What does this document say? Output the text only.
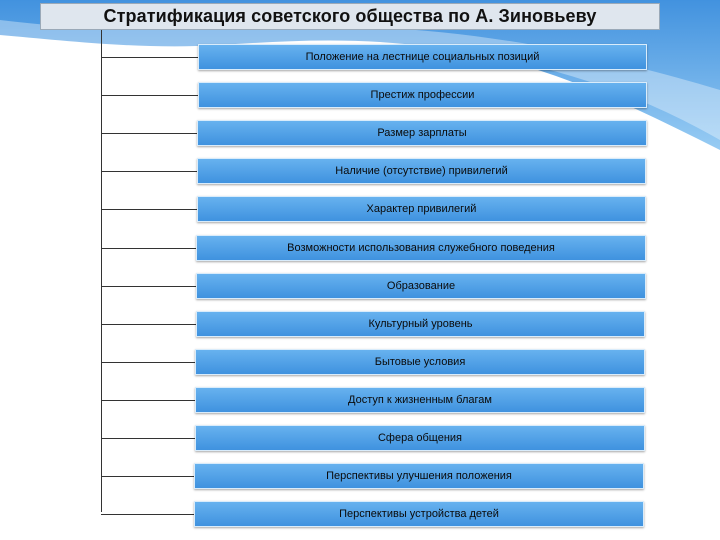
Стратификация советского общества по А. Зиновьеву
Положение на лестнице социальных позиций
Престиж профессии
Размер зарплаты
Наличие (отсутствие) привилегий
Характер привилегий
Возможности использования служебного поведения
Образование
Культурный уровень
Бытовые условия
Доступ к жизненным благам
Сфера общения
Перспективы улучшения положения
Перспективы устройства детей
